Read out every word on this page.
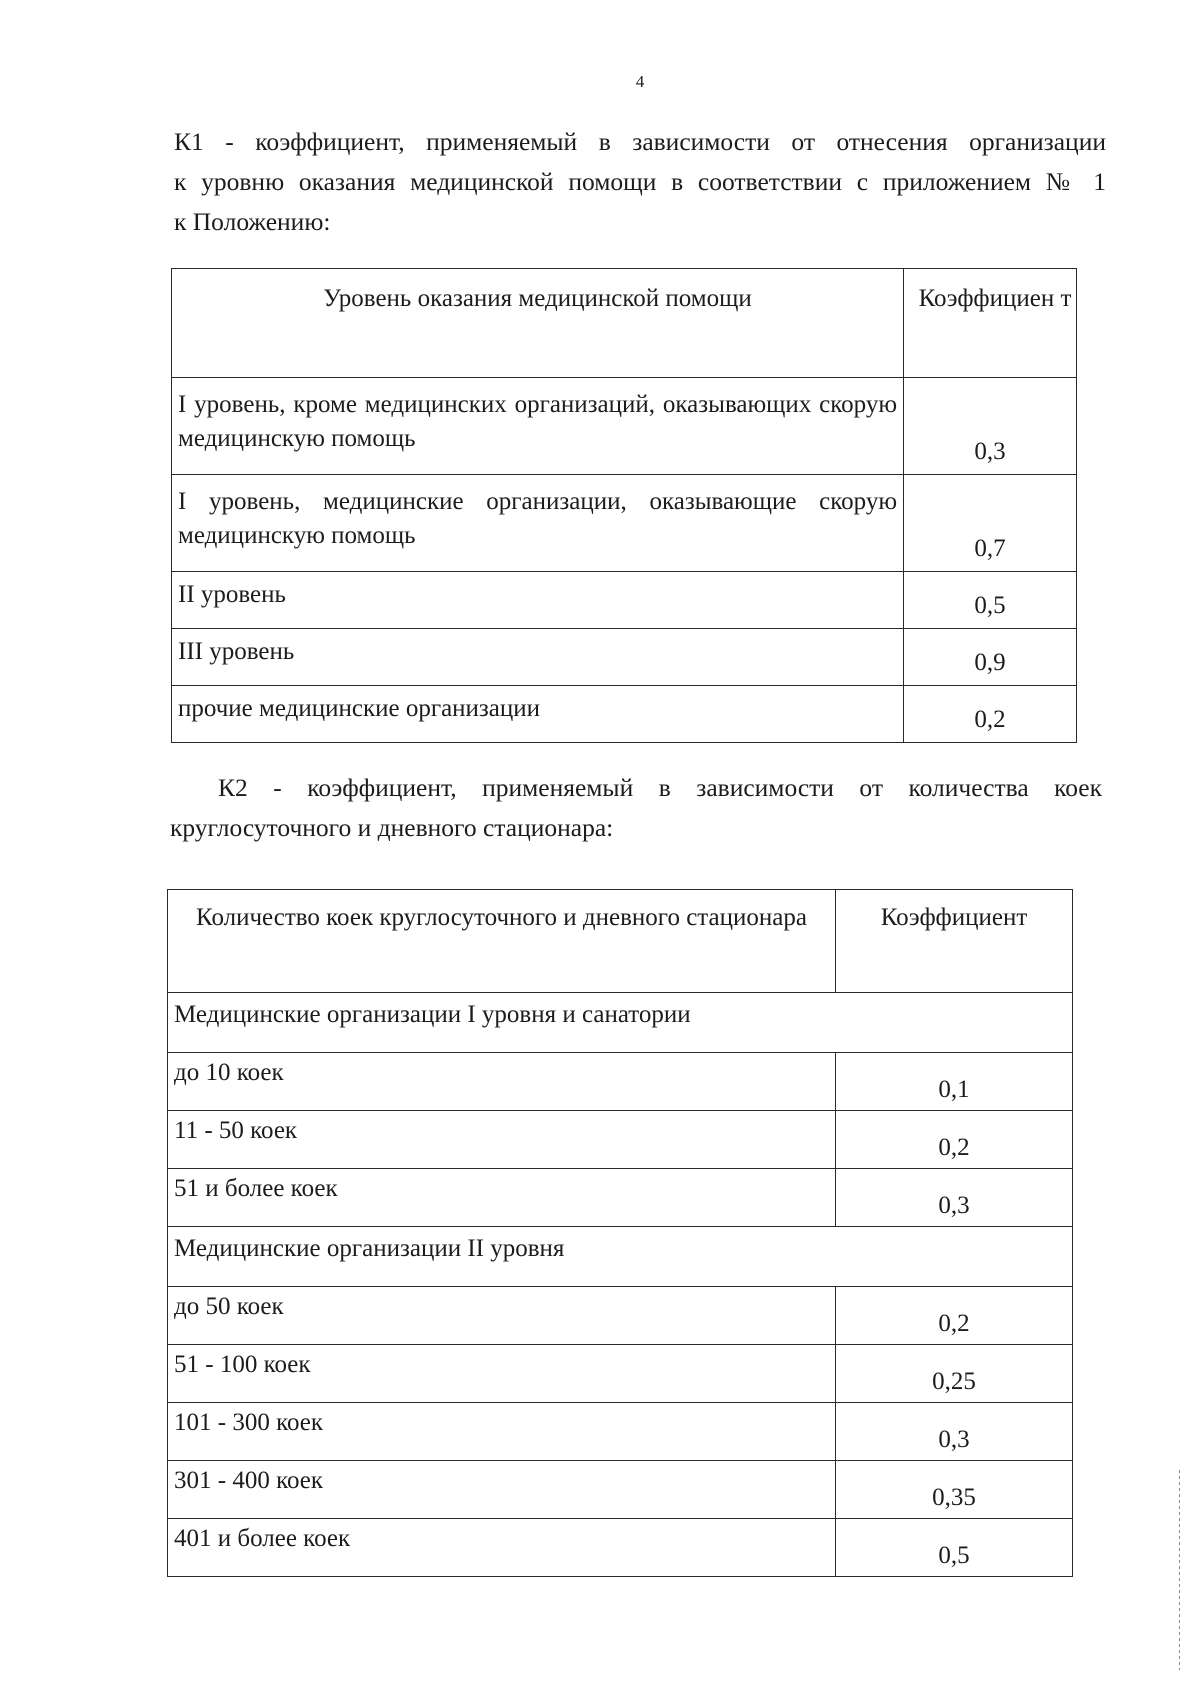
4

К1 - коэффициент, применяемый в зависимости от отнесения организации
к уровню оказания медицинской помощи в соответствии с приложением № 1
к Положению:

Уровень оказания медицинской помощи	Коэффициен т
I уровень, кроме медицинских организаций, оказывающих скорую медицинскую помощь	0,3
I уровень, медицинские организации, оказывающие скорую медицинскую помощь	0,7
II уровень	0,5
III уровень	0,9
прочие медицинские организации	0,2

К2 - коэффициент, применяемый в зависимости от количества коек
круглосуточного и дневного стационара:

Количество коек круглосуточного и дневного стационара	Коэффициент
Медицинские организации I уровня и санатории	
до 10 коек	0,1
11 - 50 коек	0,2
51 и более коек	0,3
Медицинские организации II уровня	
до 50 коек	0,2
51 - 100 коек	0,25
101 - 300 коек	0,3
301 - 400 коек	0,35
401 и более коек	0,5
